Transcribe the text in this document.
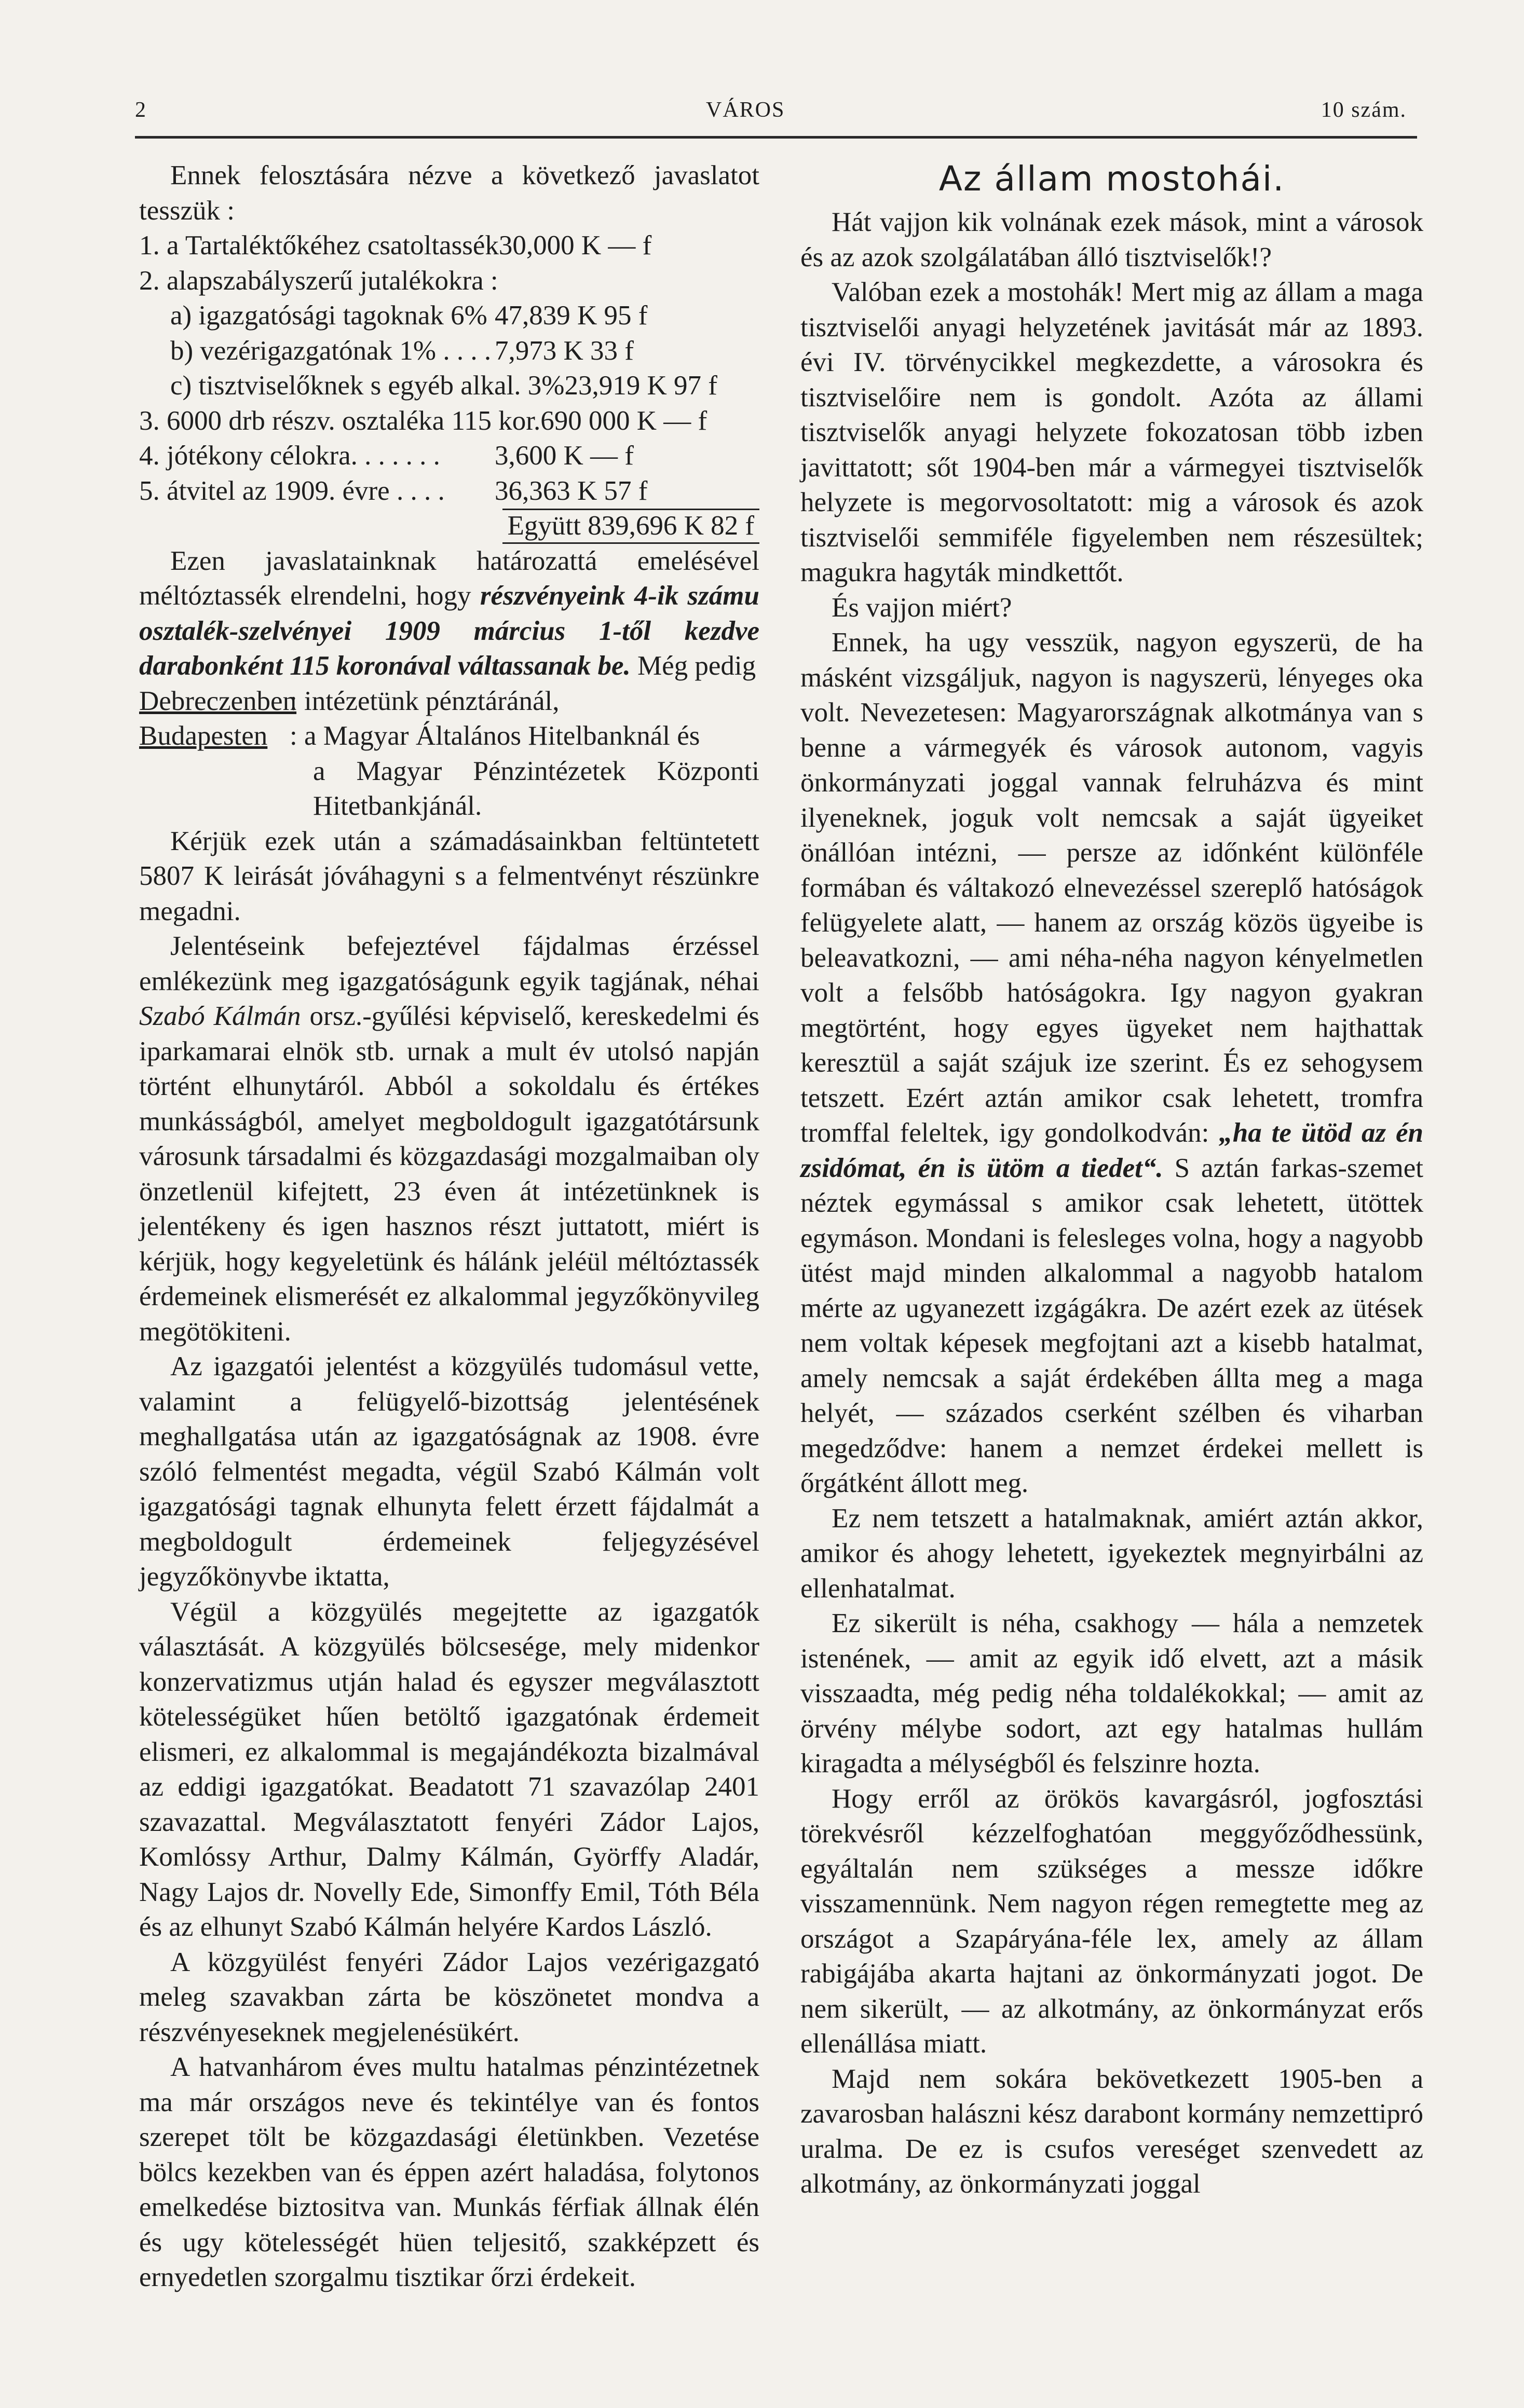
2	VÁROS	10 szám.

Ennek felosztására nézve a következő javaslatot tesszük :

1. a Tartaléktőkéhez csatoltassék 30,000 K — f
2. alapszabályszerű jutalékokra :
a) igazgatósági tagoknak 6% 47,839 K 95 f
b) vezérigazgatónak 1% . . . . 7,973 K 33 f
c) tisztviselőknek s egyéb alkal. 3% 23,919 K 97 f
3. 6000 drb részv. osztaléka 115 kor. 690 000 K — f
4. jótékony célokra. . . . . . .	3,600 K — f
5. átvitel az 1909. évre . . . .	36,363 K 57 f
Együtt 839,696 K 82 f

Ezen javaslatainknak határozattá emelésével méltóztassék elrendelni, hogy részvényeink 4-ik számu osztalék-szelvényei 1909 március 1-től kezdve darabonként 115 koronával váltassanak be. Még pedig

Debreczenben
: intézetünk pénztáránál,
Budapesten : a Magyar Általános Hitelbanknál és
a Magyar Pénzintézetek Központi Hitetbankjánál.

Kérjük ezek után a számadásainkban feltüntetett 5807 K leirását jóváhagyni s a felmentvényt részünkre megadni.

Jelentéseink befejeztével fájdalmas érzéssel emlékezünk meg igazgatóságunk egyik tagjának, néhai Szabó Kálmán orsz.-gyűlési képviselő, kereskedelmi és iparkamarai elnök stb. urnak a mult év utolsó napján történt elhunytáról. Abból a sokoldalu és értékes munkásságból, amelyet megboldogult igazgatótársunk városunk társadalmi és közgazdasági mozgalmaiban oly önzetlenül kifejtett, 23 éven át intézetünknek is jelentékeny és igen hasznos részt juttatott, miért is kérjük, hogy kegyeletünk és hálánk jeléül méltóztassék érdemeinek elismerését ez alkalommal jegyzőkönyvileg megötökiteni.

Az igazgatói jelentést a közgyülés tudomásul vette, valamint a felügyelő-bizottság jelentésének meghallgatása után az igazgatóságnak az 1908. évre szóló felmentést megadta, végül Szabó Kálmán volt igazgatósági tagnak elhunyta felett érzett fájdalmát a megboldogult érdemeinek feljegyzésével jegyzőkönyvbe iktatta,

Végül a közgyülés megejtette az igazgatók választását. A közgyülés bölcsesége, mely midenkor konzervatizmus utján halad és egyszer megválasztott kötelességüket hűen betöltő igazgatónak érdemeit elismeri, ez alkalommal is megajándékozta bizalmával az eddigi igazgatókat. Beadatott 71 szavazólap 2401 szavazattal. Megválasztatott fenyéri Zádor Lajos, Komlóssy Arthur, Dalmy Kálmán, Györffy Aladár, Nagy Lajos dr. Novelly Ede, Simonffy Emil, Tóth Béla és az elhunyt Szabó Kálmán helyére Kardos László.

A közgyülést fenyéri Zádor Lajos vezérigazgató meleg szavakban zárta be köszönetet mondva a részvényeseknek megjelenésükért.

A hatvanhárom éves multu hatalmas pénzintézetnek ma már országos neve és tekintélye van és fontos szerepet tölt be közgazdasági életünkben. Vezetése bölcs kezekben van és éppen azért haladása, folytonos emelkedése biztositva van. Munkás férfiak állnak élén és ugy kötelességét hüen teljesitő, szakképzett és ernyedetlen szorgalmu tisztikar őrzi érdekeit.

Az állam mostohái.

Hát vajjon kik volnának ezek mások, mint a városok és az azok szolgálatában álló tisztviselők!?

Valóban ezek a mostohák! Mert mig az állam a maga tisztviselői anyagi helyzetének javitását már az 1893. évi IV. törvénycikkel megkezdette, a városokra és tisztviselőire nem is gondolt. Azóta az állami tisztviselők anyagi helyzete fokozatosan több izben javittatott; sőt 1904-ben már a vármegyei tisztviselők helyzete is megorvosoltatott: mig a városok és azok tisztviselői semmiféle figyelemben nem részesültek; magukra hagyták mindkettőt.

És vajjon miért?

Ennek, ha ugy vesszük, nagyon egyszerü, de ha másként vizsgáljuk, nagyon is nagyszerü, lényeges oka volt. Nevezetesen: Magyarországnak alkotmánya van s benne a vármegyék és városok autonom, vagyis önkormányzati joggal vannak felruházva és mint ilyeneknek, joguk volt nemcsak a saját ügyeiket önállóan intézni, — persze az időnként különféle formában és váltakozó elnevezéssel szereplő hatóságok felügyelete alatt, — hanem az ország közös ügyeibe is beleavatkozni, — ami néha-néha nagyon kényelmetlen volt a felsőbb hatóságokra. Igy nagyon gyakran megtörtént, hogy egyes ügyeket nem hajthattak keresztül a saját szájuk ize szerint. És ez sehogysem tetszett. Ezért aztán amikor csak lehetett, tromfra tromffal feleltek, igy gondolkodván: „ha te ütöd az én zsidómat, én is ütöm a tiedet“. S aztán farkas-szemet néztek egymással s amikor csak lehetett, ütöttek egymáson. Mondani is felesleges volna, hogy a nagyobb ütést majd minden alkalommal a nagyobb hatalom mérte az ugyanezett izgágákra. De azért ezek az ütések nem voltak képesek megfojtani azt a kisebb hatalmat, amely nemcsak a saját érdekében állta meg a maga helyét, — százados cserként szélben és viharban megedződve: hanem a nemzet érdekei mellett is őrgátként állott meg.

Ez nem tetszett a hatalmaknak, amiért aztán akkor, amikor és ahogy lehetett, igyekeztek megnyirbálni az ellenhatalmat.

Ez sikerült is néha, csakhogy — hála a nemzetek istenének, — amit az egyik idő elvett, azt a másik visszaadta, még pedig néha toldalékokkal; — amit az örvény mélybe sodort, azt egy hatalmas hullám kiragadta a mélységből és felszinre hozta.

Hogy erről az örökös kavargásról, jogfosztási törekvésről kézzelfoghatóan meggyőződhessünk, egyáltalán nem szükséges a messze időkre visszamennünk. Nem nagyon régen remegtette meg az országot a Szapáryána-féle lex, amely az állam rabigájába akarta hajtani az önkormányzati jogot. De nem sikerült, — az alkotmány, az önkormányzat erős ellenállása miatt.

Majd nem sokára bekövetkezett 1905-ben a zavarosban halászni kész darabont kormány nemzettipró uralma. De ez is csufos vereséget szenvedett az alkotmány, az önkormányzati joggal
